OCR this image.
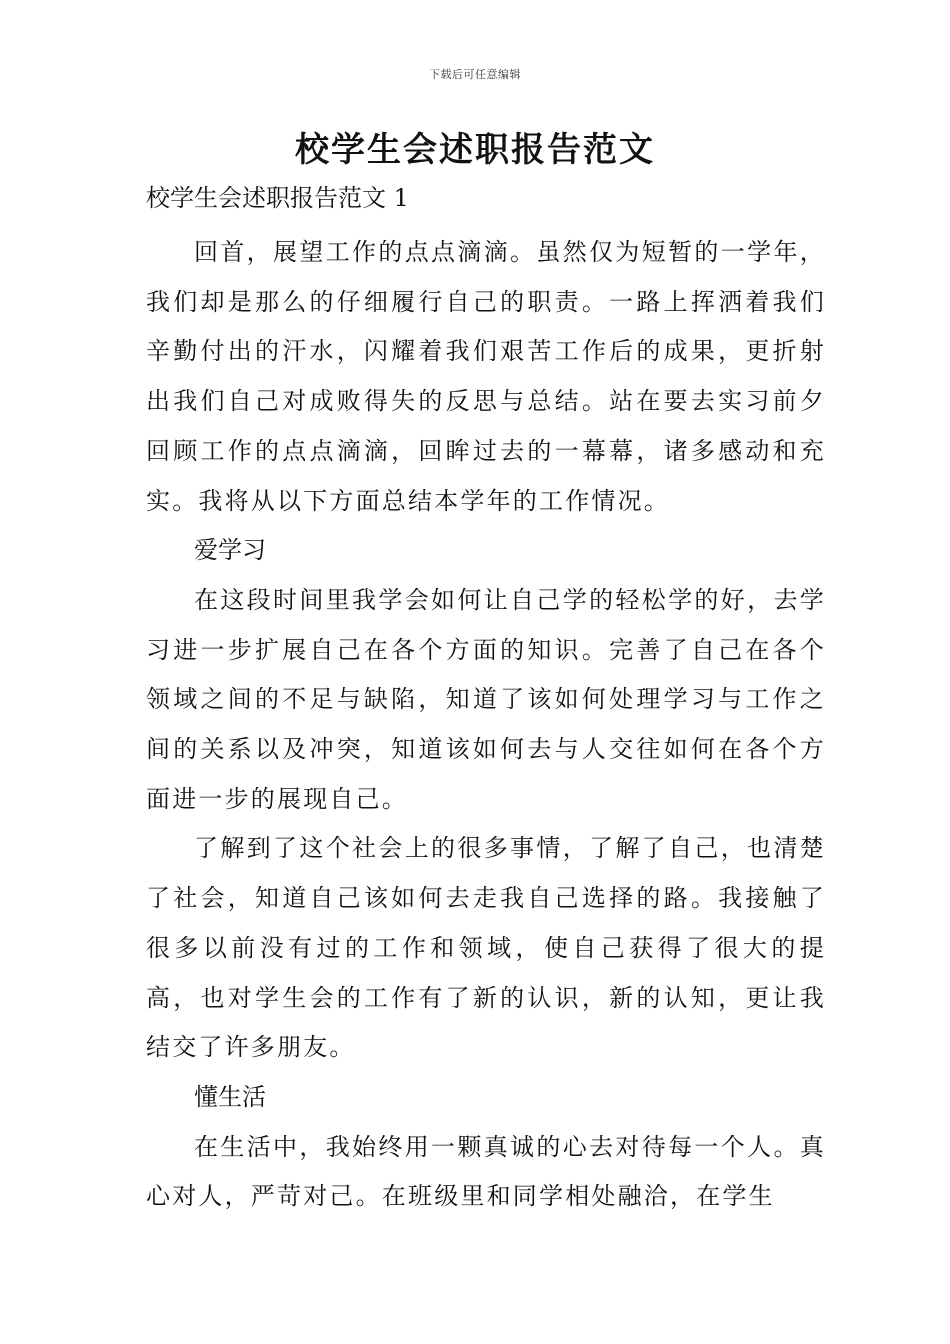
下载后可任意编辑
校学生会述职报告范文
校学生会述职报告范文 1

回首，展望工作的点点滴滴。虽然仅为短暂的一学年，我们却是那么的仔细履行自己的职责。一路上挥洒着我们辛勤付出的汗水，闪耀着我们艰苦工作后的成果，更折射出我们自己对成败得失的反思与总结。站在要去实习前夕回顾工作的点点滴滴，回眸过去的一幕幕，诸多感动和充实。我将从以下方面总结本学年的工作情况。

爱学习

在这段时间里我学会如何让自己学的轻松学的好，去学习进一步扩展自己在各个方面的知识。完善了自己在各个领域之间的不足与缺陷，知道了该如何处理学习与工作之间的关系以及冲突，知道该如何去与人交往如何在各个方面进一步的展现自己。

了解到了这个社会上的很多事情，了解了自己，也清楚了社会，知道自己该如何去走我自己选择的路。我接触了很多以前没有过的工作和领域，使自己获得了很大的提高，也对学生会的工作有了新的认识，新的认知，更让我结交了许多朋友。

懂生活

在生活中，我始终用一颗真诚的心去对待每一个人。真心对人，严苛对己。在班级里和同学相处融洽，在学生
